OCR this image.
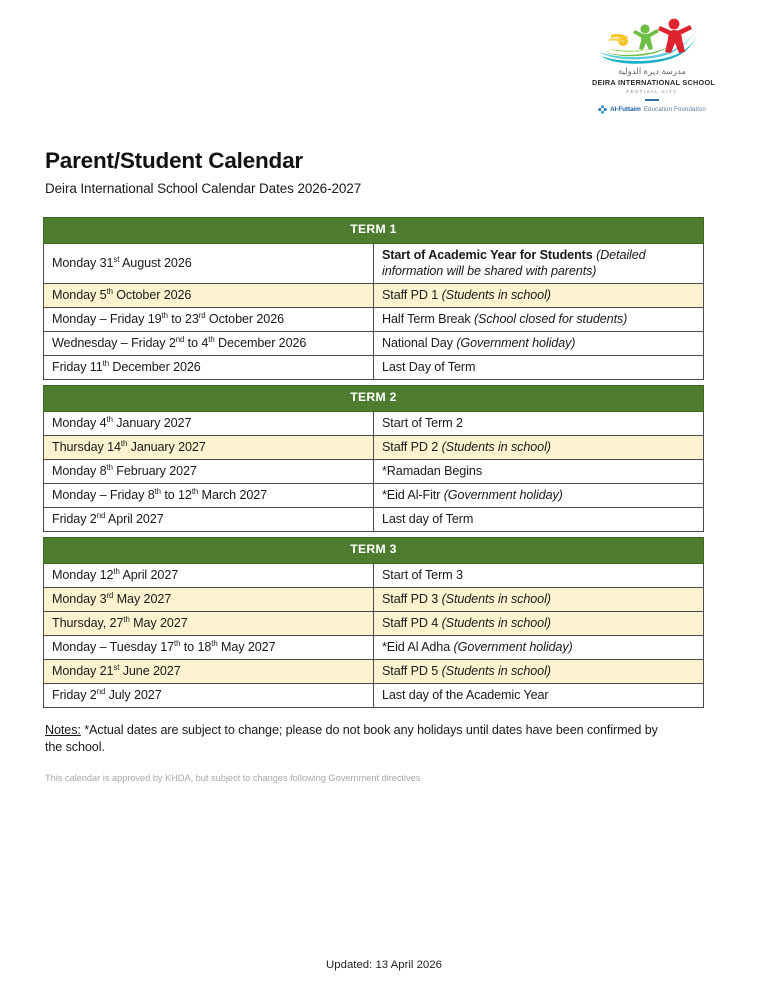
مدرسة ديرة الدولية
DEIRA INTERNATIONAL SCHOOL
FESTIVAL CITY
Al-Futtaim Education Foundation
Parent/Student Calendar
Deira International School Calendar Dates 2026-2027
TERM 1	
Monday 31st August 2026	Start of Academic Year for Students (Detailed information will be shared with parents)
Monday 5th October 2026	Staff PD 1 (Students in school)
Monday – Friday 19th to 23rd October 2026	Half Term Break (School closed for students)
Wednesday – Friday 2nd to 4th December 2026	National Day (Government holiday)
Friday 11th December 2026	Last Day of Term
TERM 2	
Monday 4th January 2027	Start of Term 2
Thursday 14th January 2027	Staff PD 2 (Students in school)
Monday 8th February 2027	*Ramadan Begins
Monday – Friday 8th to 12th March 2027	*Eid Al-Fitr (Government holiday)
Friday 2nd April 2027	Last day of Term
TERM 3	
Monday 12th April 2027	Start of Term 3
Monday 3rd May 2027	Staff PD 3 (Students in school)
Thursday, 27th May 2027	Staff PD 4 (Students in school)
Monday – Tuesday 17th to 18th May 2027	*Eid Al Adha (Government holiday)
Monday 21st June 2027	Staff PD 5 (Students in school)
Friday 2nd July 2027	Last day of the Academic Year
Notes: *Actual dates are subject to change; please do not book any holidays until dates have been confirmed by the school.
This calendar is approved by KHDA, but subject to changes following Government directives
Updated: 13 April 2026
